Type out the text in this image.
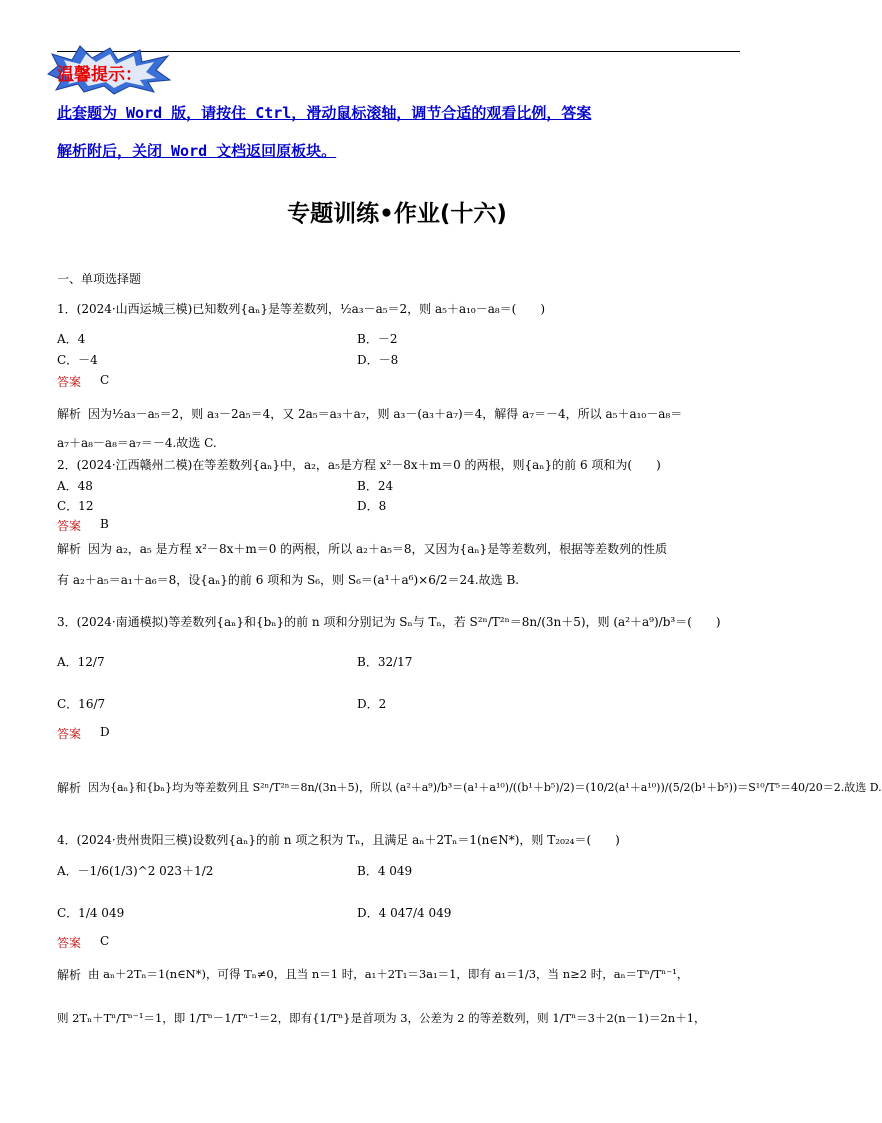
温馨提示：
此套题为 Word 版，请按住 Ctrl，滑动鼠标滚轴，调节合适的观看比例，答案
解析附后，关闭 Word 文档返回原板块。
专题训练•作业(十六)
一、单项选择题
1．(2024·山西运城三模)已知数列{aₙ}是等差数列，½a₃－a₅＝2，则 a₅＋a₁₀－a₈＝(　　)
A．4	B．－2
C．－4	D．－8
答案 C
解析 因为½a₃－a₅＝2，则 a₃－2a₅＝4，又 2a₅＝a₃＋a₇，则 a₃－(a₃＋a₇)＝4，解得 a₇＝－4，所以 a₅＋a₁₀－a₈＝
a₇＋a₈－a₈＝a₇＝－4.故选 C.
2．(2024·江西赣州二模)在等差数列{aₙ}中，a₂，a₅是方程 x²－8x＋m＝0 的两根，则{aₙ}的前 6 项和为(　　)
A．48	B．24
C．12	D．8
答案 B
解析 因为 a₂，a₅ 是方程 x²－8x＋m＝0 的两根，所以 a₂＋a₅＝8，又因为{aₙ}是等差数列，根据等差数列的性质
有 a₂＋a₅＝a₁＋a₆＝8，设{aₙ}的前 6 项和为 S₆，则 S₆＝(a¹＋a⁶)×6/2＝24.故选 B.
3．(2024·南通模拟)等差数列{aₙ}和{bₙ}的前 n 项和分别记为 Sₙ与 Tₙ，若 S²ⁿ/T²ⁿ＝8n/(3n＋5)，则 (a²＋a⁹)/b³＝(　　)
A．12/7	B．32/17
C．16/7	D．2
答案 D
解析 因为{aₙ}和{bₙ}均为等差数列且 S²ⁿ/T²ⁿ＝8n/(3n＋5)，所以 (a²＋a⁹)/b³＝(a¹＋a¹⁰)/((b¹＋b⁵)/2)＝(10/2(a¹＋a¹⁰))/(5/2(b¹＋b⁵))＝S¹⁰/T⁵＝40/20＝2.故选 D.
4．(2024·贵州贵阳三模)设数列{aₙ}的前 n 项之积为 Tₙ，且满足 aₙ＋2Tₙ＝1(n∈N*)，则 T₂₀₂₄＝(　　)
A．－1/6(1/3)^2 023＋1/2	B．4 049
C．1/4 049	D．4 047/4 049
答案 C
解析 由 aₙ＋2Tₙ＝1(n∈N*)，可得 Tₙ≠0，且当 n＝1 时，a₁＋2T₁＝3a₁＝1，即有 a₁＝1/3，当 n≥2 时，aₙ＝Tⁿ/Tⁿ⁻¹，
则 2Tₙ＋Tⁿ/Tⁿ⁻¹＝1，即 1/Tⁿ－1/Tⁿ⁻¹＝2，即有{1/Tⁿ}是首项为 3，公差为 2 的等差数列，则 1/Tⁿ＝3＋2(n－1)＝2n＋1，
